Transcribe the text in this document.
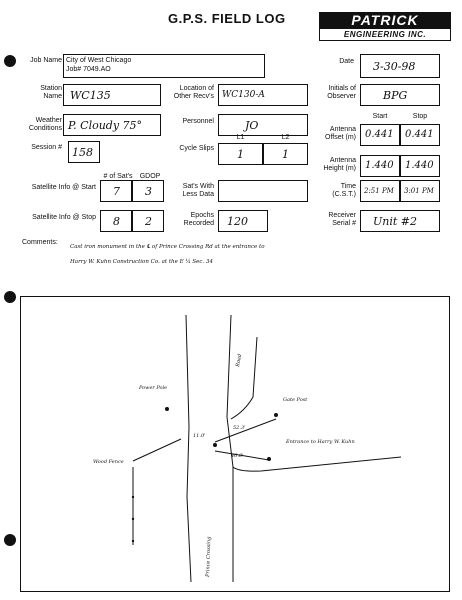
G.P.S. FIELD LOG	PATRICK
ENGINEERING INC.
Job Name City of West Chicago
Job# 7049.AO
Date 3-30-98
Station Name WC135
Location of Other Recv's WC130-A
Initials of Observer BPG
Weather Conditions P. Cloudy 75°	Personnel	JO
Start	Stop
Antenna Offset (m) 0.441 0.441
Session # 158
L1	L2
Cycle Slips 1	1	Antenna Height (m) 1.440 1.440
# of Sat's	GDOP
Satellite Info @ Start 7 3	Sat's With Less Data
Time (C.S.T.) 2:51 PM 3:01 PM
Satellite Info @ Stop 8 2	Epochs Recorded 120	Receiver Serial # Unit #2
Comments:
Cast iron monument in the ℄ of Prince Crossing Rd at the entrance to
Harry W. Kuhn Construction Co. at the E ¼ Sec. 34
Road
Prince Crossing
Power Pole
Gate Post
Entrance to Harry W. Kuhn
Wood Fence
11.0'
52.3'
46.8'
